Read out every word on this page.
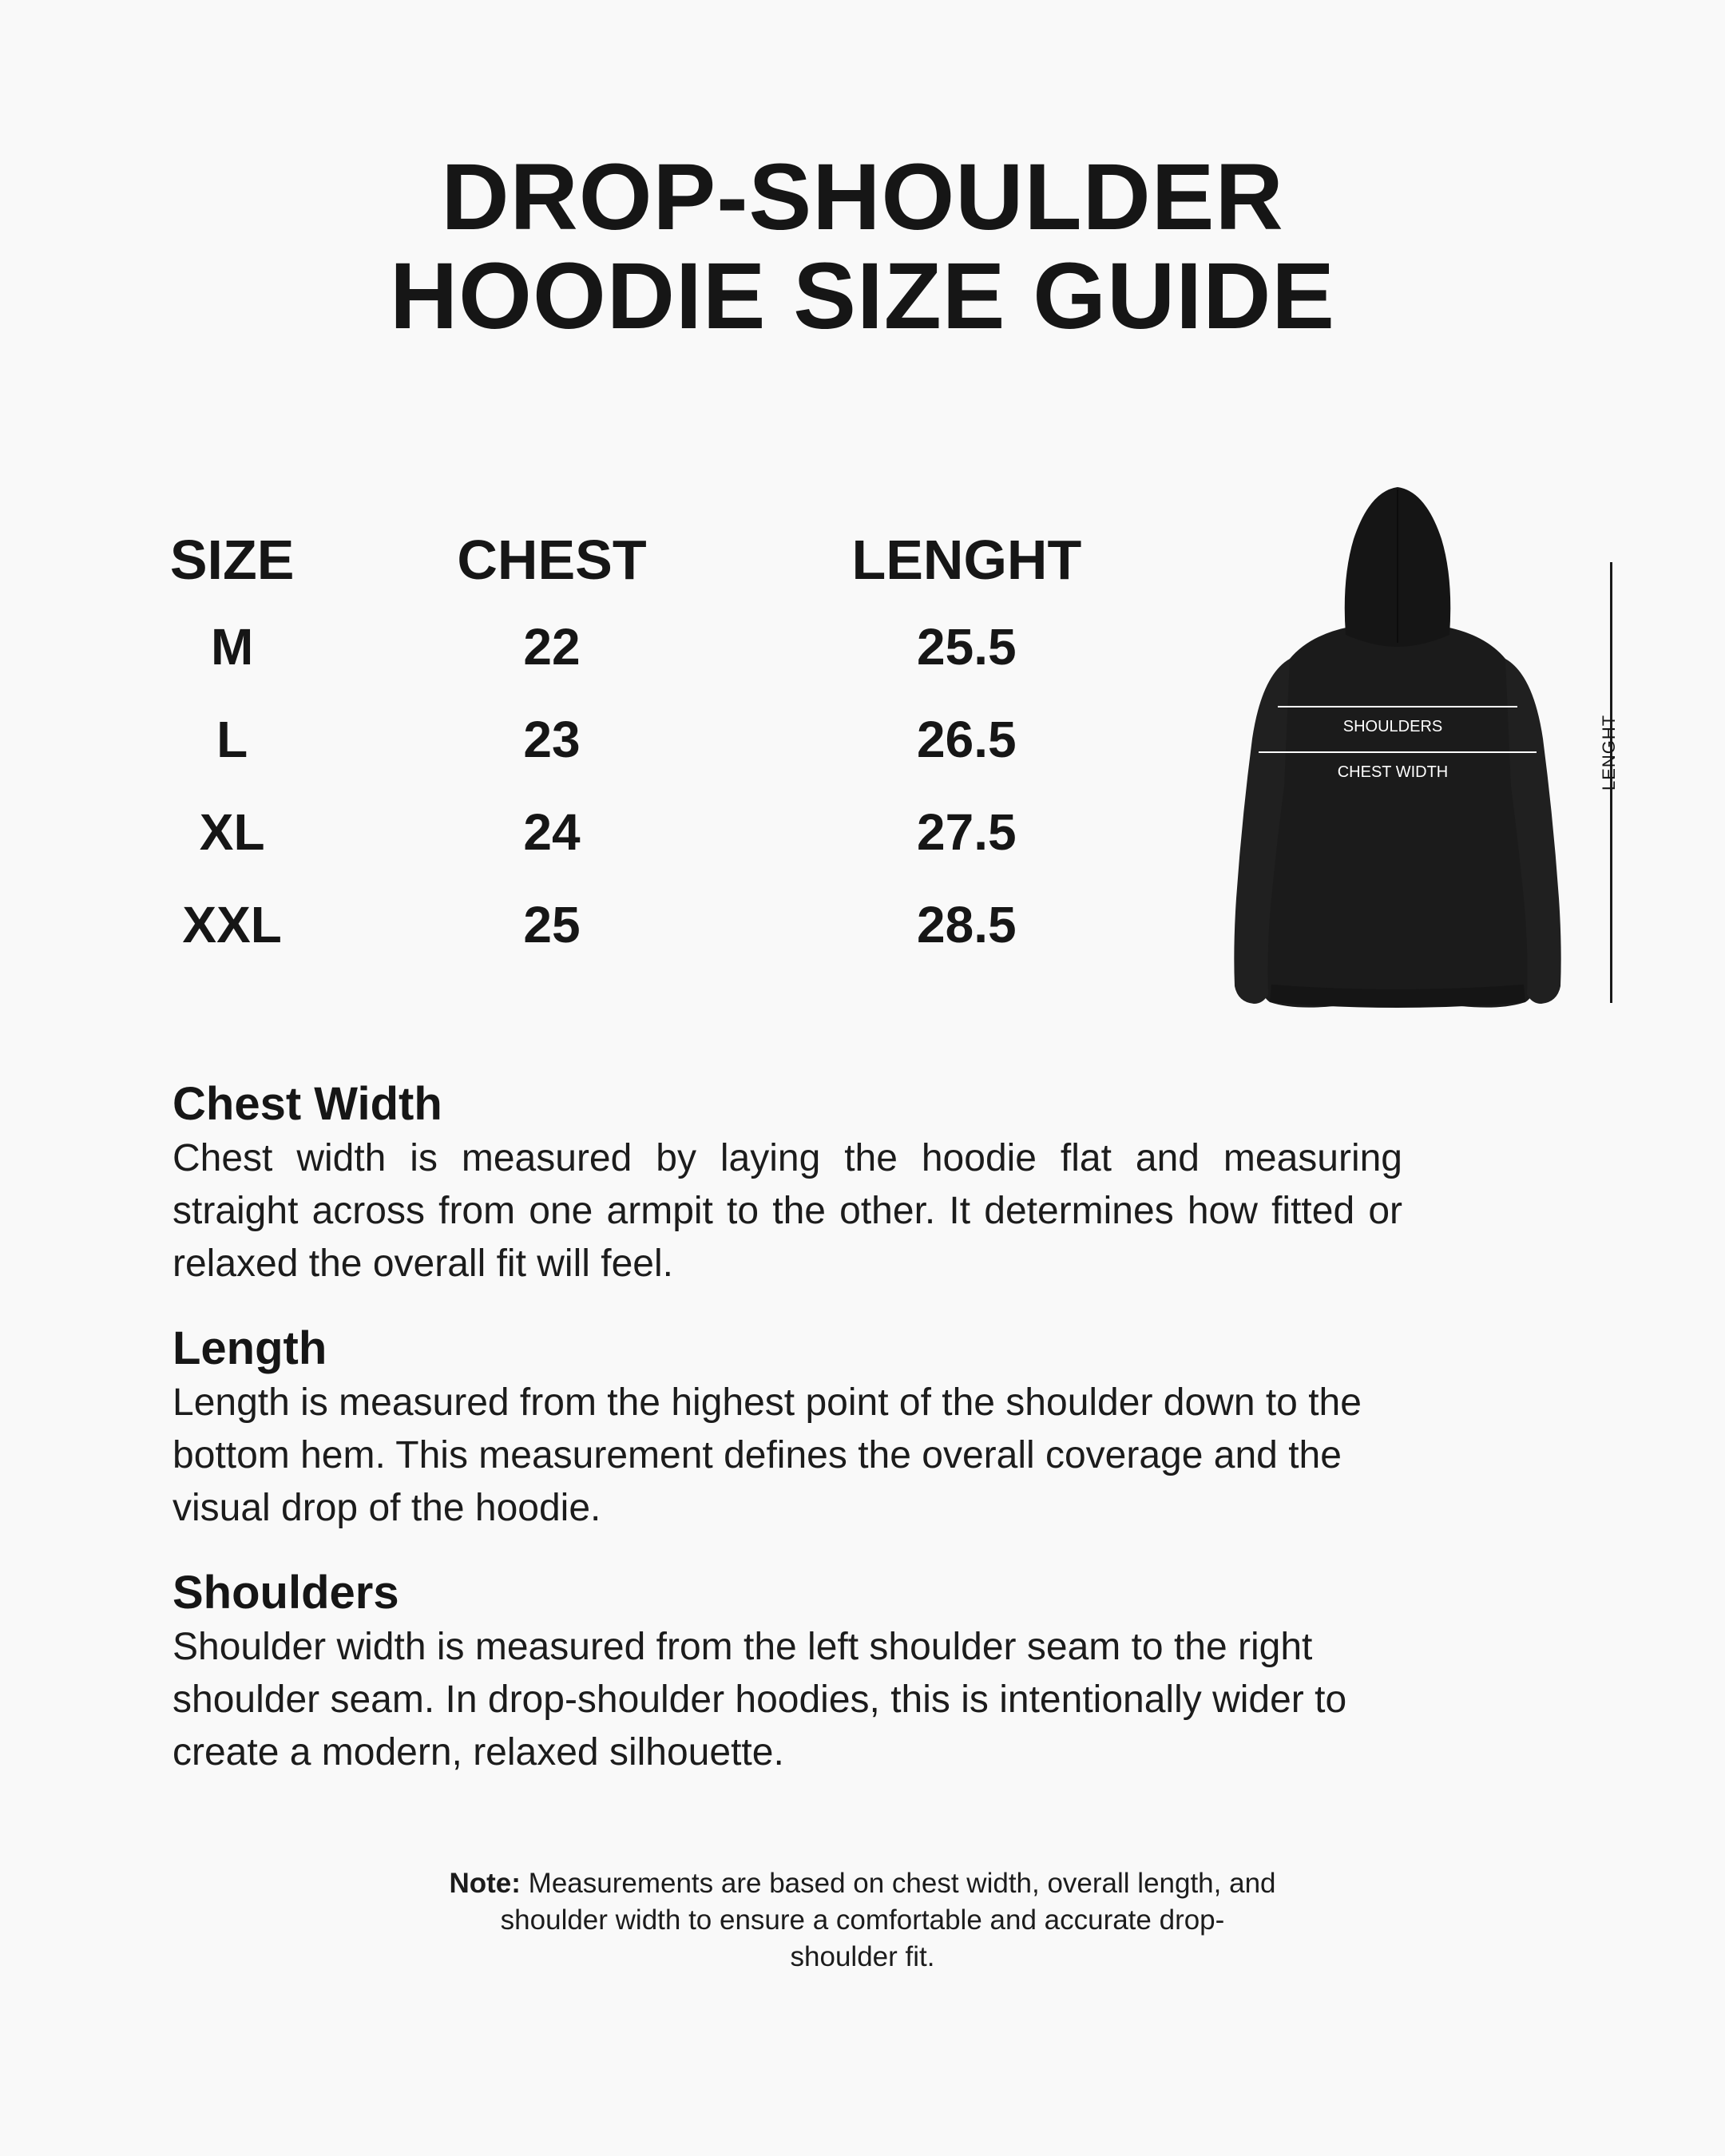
DROP-SHOULDER
HOODIE SIZE GUIDE
SIZE	CHEST	LENGHT
M	22	25.5
L	23	26.5
XL	24	27.5
XXL	25	28.5
SHOULDERS
CHEST WIDTH	LENGHT
Chest Width

Chest width is measured by laying the hoodie flat and measuring straight across from one armpit to the other. It determines how fitted or relaxed the overall fit will feel.

Length

Length is measured from the highest point of the shoulder down to the bottom hem. This measurement defines the overall coverage and the visual drop of the hoodie.

Shoulders

Shoulder width is measured from the left shoulder seam to the right shoulder seam. In drop-shoulder hoodies, this is intentionally wider to create a modern, relaxed silhouette.

Note: Measurements are based on chest width, overall length, and shoulder width to ensure a comfortable and accurate drop-shoulder fit.
